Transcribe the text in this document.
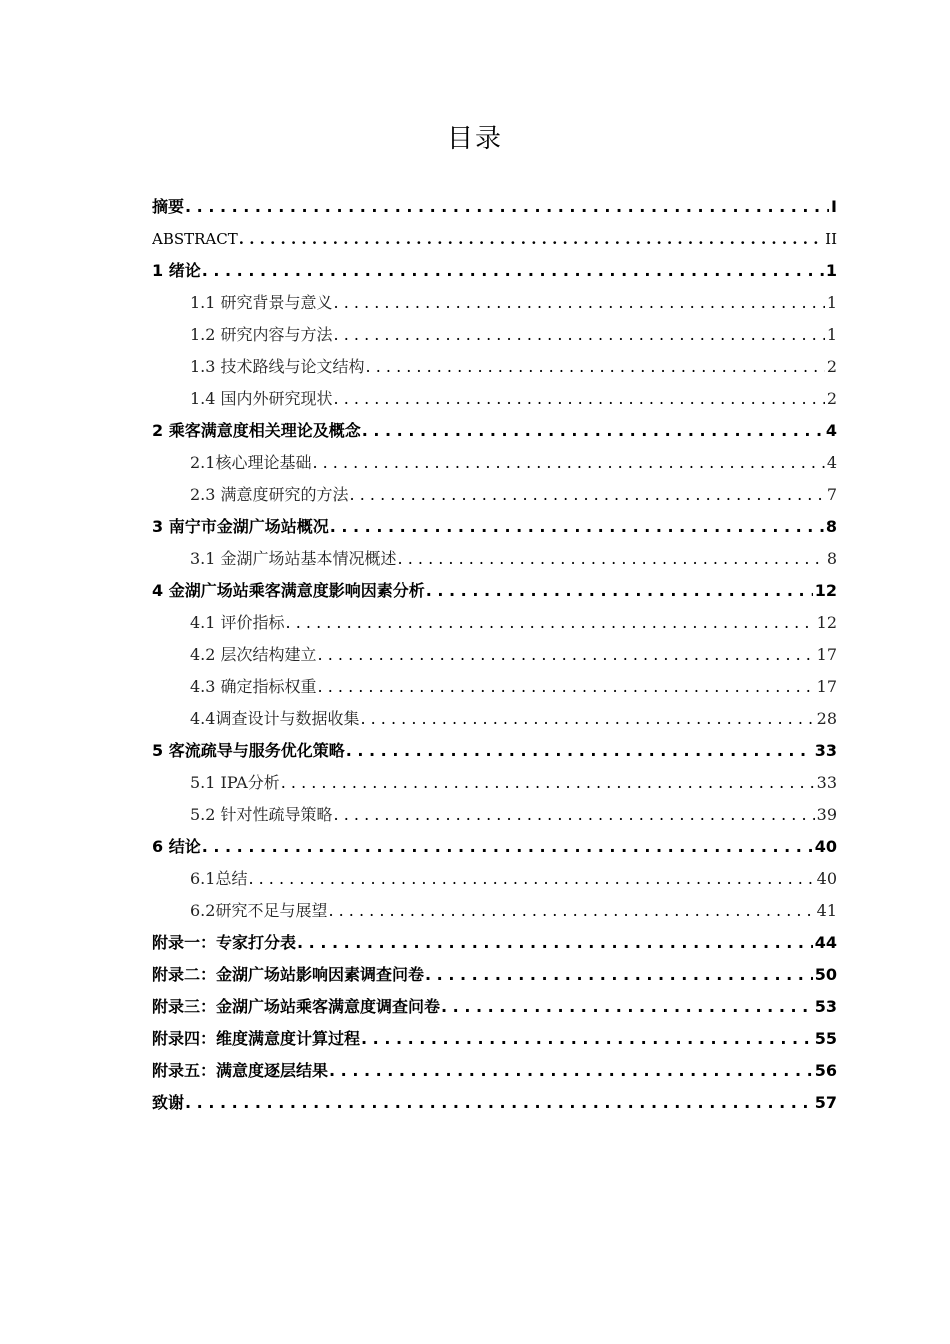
目录
摘要 . . .	I
ABSTRACT . . .	II
1 绪论 . . .	1
1.1 研究背景与意义 . . .	1
1.2 研究内容与方法 . . .	1
1.3 技术路线与论文结构 . . .	2
1.4 国内外研究现状 . . .	2
2 乘客满意度相关理论及概念 . . .	4
2.1核心理论基础 . . .	4
2.3 满意度研究的方法 . . .	7
3 南宁市金湖广场站概况 . . .	8
3.1 金湖广场站基本情况概述 . . .	8
4 金湖广场站乘客满意度影响因素分析 . . .	12
4.1 评价指标 . . .	12
4.2 层次结构建立 . . .	17
4.3 确定指标权重 . . .	17
4.4调查设计与数据收集 . . .	28
5 客流疏导与服务优化策略 . . .	33
5.1 IPA分析 . . .	33
5.2 针对性疏导策略 . . .	39
6 结论 . . .	40
6.1总结 . . .	40
6.2研究不足与展望 . . .	41
附录一：专家打分表 . . .	44
附录二：金湖广场站影响因素调查问卷 . . .	50
附录三：金湖广场站乘客满意度调查问卷 . . .	53
附录四：维度满意度计算过程 . . .	55
附录五：满意度逐层结果 . . .	56
致谢 . . .	57
